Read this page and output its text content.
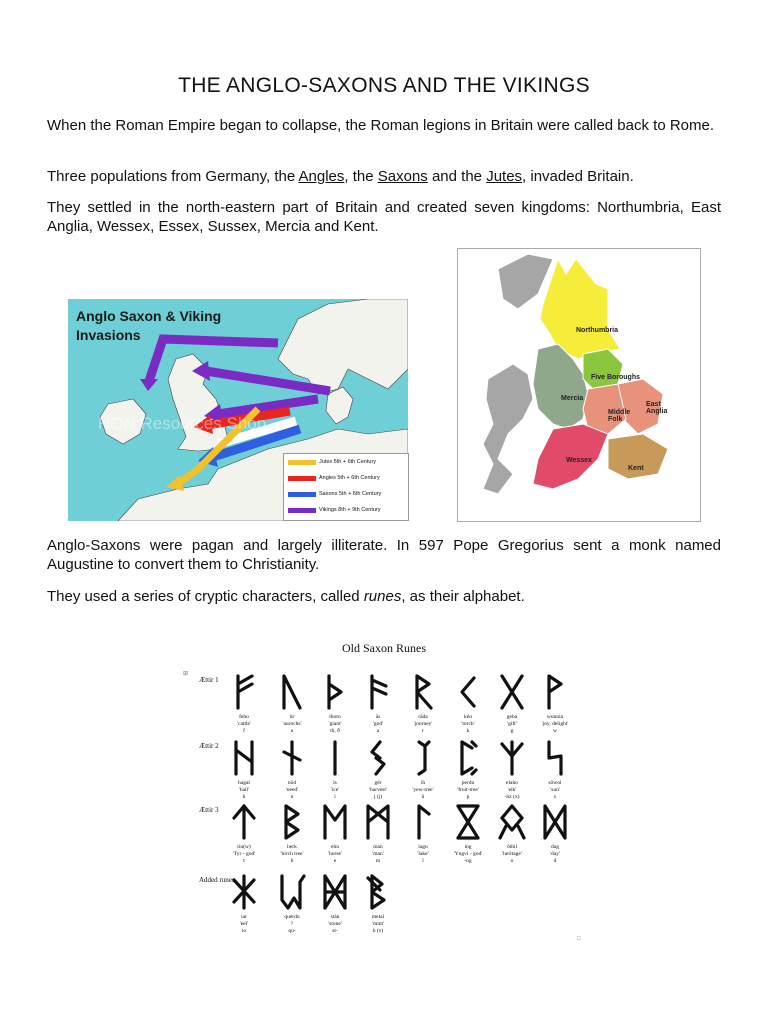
THE ANGLO-SAXONS AND THE VIKINGS
When the Roman Empire began to collapse, the Roman legions in Britain were called back to Rome.
Three populations from Germany, the Angles, the Saxons and the Jutes, invaded Britain.
They settled in the north-eastern part of Britain and created seven kingdoms: Northumbria, East Anglia, Wessex, Essex, Sussex, Mercia and Kent.
HON Resources Shop
Anglo Saxon & Viking
Invasions
Jutes 5th + 6th Century
Angles 5th + 6th Century
Saxons 5th + 6th Century
Vikings 8th + 9th Century
Northumbria
Five Boroughs
Mercia
East Anglia
Middle Folk
Wessex
Kent
Anglo-Saxons were pagan and largely illiterate. In 597 Pope Gregorius sent a monk named Augustine to convert them to Christianity.
They used a series of cryptic characters, called runes, as their alphabet.
Old Saxon Runes
⊞
□
Ættir 1
feho
'cattle'
f
ūr
'aurochs'
u
thorn
'giant'
th, ð
ās
'god'
a
rāda
'journey'
r
kēn
'torch'
k
geba
'gift'
g
wunnia
'joy, delight'
w
Ættir 2
hagal
'hail'
h
nōd
'need'
n
īs
'ice'
i
gēr
'harvest'
j (j)
īh
'yew-tree'
ïi
perdu
'fruit-tree'
p
elaho
'elk'
-hz (x)
sōwol
'sun'
s
Ættir 3
tiu(w)
'Tyr - god'
t
berk
'birch tree'
b
ehu
'horse'
e
man
'man'
m
lagu
'lake'
l
ing
'Yngvi - god'
-ng
ōthil
'heritage'
o
dag
'day'
d
Added runes
iar
'eel'
io
querdu
?
qu-
stān
'stone'
st-
metal
'mint'
b (v)
